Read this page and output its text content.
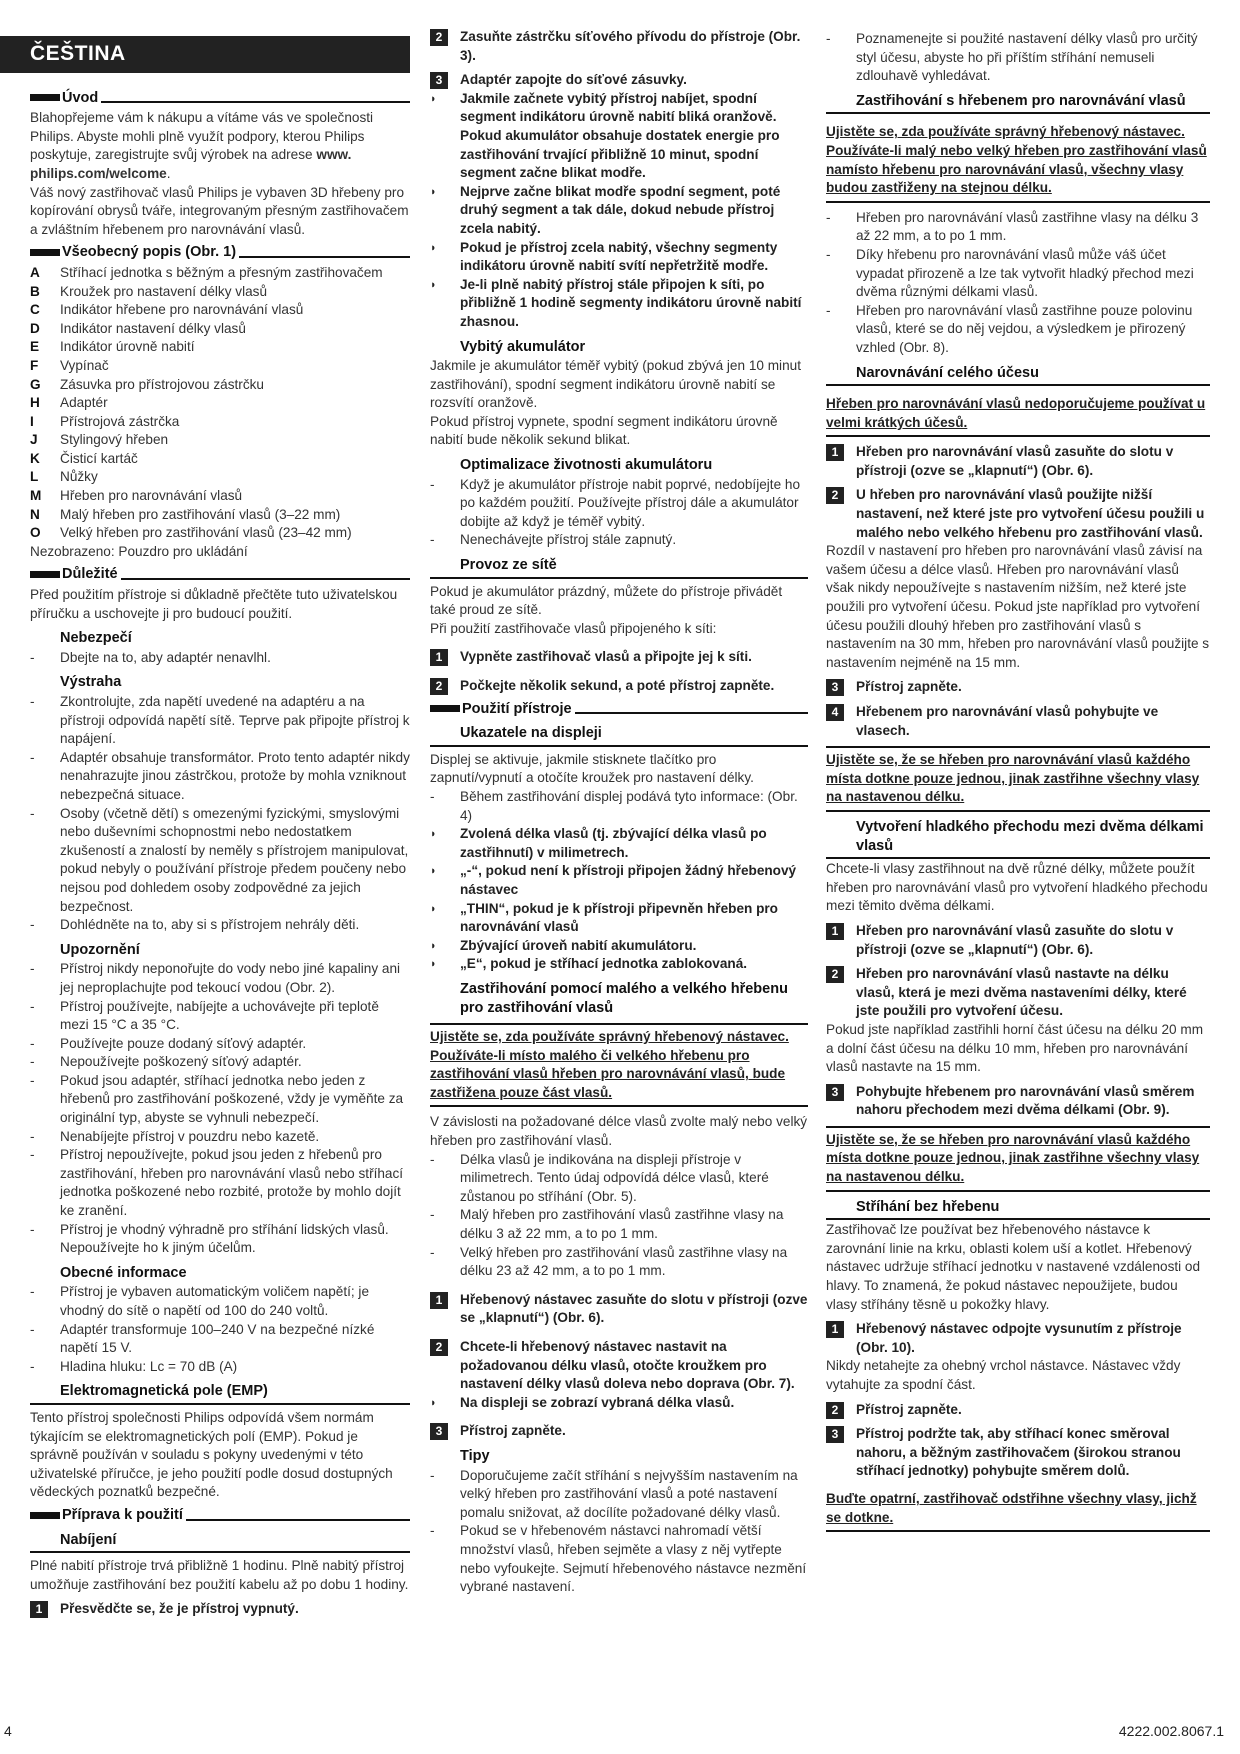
ČEŠTINA
Úvod

Blahopřejeme vám k nákupu a vítáme vás ve společnosti Philips. Abyste mohli plně využít podpory, kterou Philips poskytuje, zaregistrujte svůj výrobek na adrese www. philips.com/welcome.

Váš nový zastřihovač vlasů Philips je vybaven 3D hřebeny pro kopírování obrysů tváře, integrovaným přesným zastřihovačem a zvláštním hřebenem pro narovnávání vlasů.

Všeobecný popis (Obr. 1)
A	Stříhací jednotka s běžným a přesným zastřihovačem
B	Kroužek pro nastavení délky vlasů
C	Indikátor hřebene pro narovnávání vlasů
D	Indikátor nastavení délky vlasů
E	Indikátor úrovně nabití
F	Vypínač
G	Zásuvka pro přístrojovou zástrčku
H	Adaptér
I	Přístrojová zástrčka
J	Stylingový hřeben
K	Čisticí kartáč
L	Nůžky
M	Hřeben pro narovnávání vlasů
N	Malý hřeben pro zastřihování vlasů (3–22 mm)
O	Velký hřeben pro zastřihování vlasů (23–42 mm)

Nezobrazeno: Pouzdro pro ukládání

Důležité

Před použitím přístroje si důkladně přečtěte tuto uživatelskou příručku a uschovejte ji pro budoucí použití.

Nebezpečí
-	Dbejte na to, aby adaptér nenavlhl.
Výstraha
-	Zkontrolujte, zda napětí uvedené na adaptéru a na přístroji odpovídá napětí sítě. Teprve pak připojte přístroj k napájení.
-	Adaptér obsahuje transformátor. Proto tento adaptér nikdy nenahrazujte jinou zástrčkou, protože by mohla vzniknout nebezpečná situace.
-	Osoby (včetně dětí) s omezenými fyzickými, smyslovými nebo duševními schopnostmi nebo nedostatkem zkušeností a znalostí by neměly s přístrojem manipulovat, pokud nebyly o používání přístroje předem poučeny nebo nejsou pod dohledem osoby zodpovědné za jejich bezpečnost.
-	Dohlédněte na to, aby si s přístrojem nehrály děti.
Upozornění
-	Přístroj nikdy neponořujte do vody nebo jiné kapaliny ani jej neproplachujte pod tekoucí vodou (Obr. 2).
-	Přístroj používejte, nabíjejte a uchovávejte při teplotě mezi 15 °C a 35 °C.
-	Používejte pouze dodaný síťový adaptér.
-	Nepoužívejte poškozený síťový adaptér.
-	Pokud jsou adaptér, stříhací jednotka nebo jeden z hřebenů pro zastřihování poškozené, vždy je vyměňte za originální typ, abyste se vyhnuli nebezpečí.
-	Nenabíjejte přístroj v pouzdru nebo kazetě.
-	Přístroj nepoužívejte, pokud jsou jeden z hřebenů pro zastřihování, hřeben pro narovnávání vlasů nebo stříhací jednotka poškozené nebo rozbité, protože by mohlo dojít ke zranění.
-	Přístroj je vhodný výhradně pro stříhání lidských vlasů. Nepoužívejte ho k jiným účelům.
Obecné informace
-	Přístroj je vybaven automatickým voličem napětí; je vhodný do sítě o napětí od 100 do 240 voltů.
-	Adaptér transformuje 100–240 V na bezpečné nízké napětí 15 V.
-	Hladina hluku: Lc = 70 dB (A)
Elektromagnetická pole (EMP)

Tento přístroj společnosti Philips odpovídá všem normám týkajícím se elektromagnetických polí (EMP). Pokud je správně používán v souladu s pokyny uvedenými v této uživatelské příručce, je jeho použití podle dosud dostupných vědeckých poznatků bezpečné.

Příprava k použití
Nabíjení

Plné nabití přístroje trvá přibližně 1 hodinu. Plně nabitý přístroj umožňuje zastřihování bez použití kabelu až po dobu 1 hodiny.

1	Přesvědčte se, že je přístroj vypnutý.
2	Zasuňte zástrčku síťového přívodu do přístroje (Obr. 3).
3	Adaptér zapojte do síťové zásuvky.
◗	Jakmile začnete vybitý přístroj nabíjet, spodní segment indikátoru úrovně nabití bliká oranžově. Pokud akumulátor obsahuje dostatek energie pro zastřihování trvající přibližně 10 minut, spodní segment začne blikat modře.
◗	Nejprve začne blikat modře spodní segment, poté druhý segment a tak dále, dokud nebude přístroj zcela nabitý.
◗	Pokud je přístroj zcela nabitý, všechny segmenty indikátoru úrovně nabití svítí nepřetržitě modře.
◗	Je-li plně nabitý přístroj stále připojen k síti, po přibližně 1 hodině segmenty indikátoru úrovně nabití zhasnou.
Vybitý akumulátor

Jakmile je akumulátor téměř vybitý (pokud zbývá jen 10 minut zastřihování), spodní segment indikátoru úrovně nabití se rozsvítí oranžově.

Pokud přístroj vypnete, spodní segment indikátoru úrovně nabití bude několik sekund blikat.

Optimalizace životnosti akumulátoru
-	Když je akumulátor přístroje nabit poprvé, nedobíjejte ho po každém použití. Používejte přístroj dále a akumulátor dobijte až když je téměř vybitý.
-	Nenechávejte přístroj stále zapnutý.
Provoz ze sítě

Pokud je akumulátor prázdný, můžete do přístroje přivádět také proud ze sítě.

Při použití zastřihovače vlasů připojeného k síti:

1	Vypněte zastřihovač vlasů a připojte jej k síti.
2	Počkejte několik sekund, a poté přístroj zapněte.
Použití přístroje
Ukazatele na displeji

Displej se aktivuje, jakmile stisknete tlačítko pro zapnutí/vypnutí a otočíte kroužek pro nastavení délky.

-	Během zastřihování displej podává tyto informace: (Obr. 4)
◗	Zvolená délka vlasů (tj. zbývající délka vlasů po zastřihnutí) v milimetrech.
◗	„-“, pokud není k přístroji připojen žádný hřebenový nástavec
◗	„THIN“, pokud je k přístroji připevněn hřeben pro narovnávání vlasů
◗	Zbývající úroveň nabití akumulátoru.
◗	„E“, pokud je stříhací jednotka zablokovaná.
Zastřihování pomocí malého a velkého hřebenu pro zastřihování vlasů
Ujistěte se, zda používáte správný hřebenový nástavec. Používáte-li místo malého či velkého hřebenu pro zastřihování vlasů hřeben pro narovnávání vlasů, bude zastřižena pouze část vlasů.

V závislosti na požadované délce vlasů zvolte malý nebo velký hřeben pro zastřihování vlasů.

-	Délka vlasů je indikována na displeji přístroje v milimetrech. Tento údaj odpovídá délce vlasů, které zůstanou po stříhání (Obr. 5).
-	Malý hřeben pro zastřihování vlasů zastřihne vlasy na délku 3 až 22 mm, a to po 1 mm.
-	Velký hřeben pro zastřihování vlasů zastřihne vlasy na délku 23 až 42 mm, a to po 1 mm.
1	Hřebenový nástavec zasuňte do slotu v přístroji (ozve se „klapnutí“) (Obr. 6).
2	Chcete-li hřebenový nástavec nastavit na požadovanou délku vlasů, otočte kroužkem pro nastavení délky vlasů doleva nebo doprava (Obr. 7).
◗	Na displeji se zobrazí vybraná délka vlasů.
3	Přístroj zapněte.
Tipy
-	Doporučujeme začít stříhání s nejvyšším nastavením na velký hřeben pro zastřihování vlasů a poté nastavení pomalu snižovat, až docílíte požadované délky vlasů.
-	Pokud se v hřebenovém nástavci nahromadí větší množství vlasů, hřeben sejměte a vlasy z něj vytřepte nebo vyfoukejte. Sejmutí hřebenového nástavce nezmění vybrané nastavení.
-	Poznamenejte si použité nastavení délky vlasů pro určitý styl účesu, abyste ho při příštím stříhání nemuseli zdlouhavě vyhledávat.
Zastřihování s hřebenem pro narovnávání vlasů
Ujistěte se, zda používáte správný hřebenový nástavec. Používáte-li malý nebo velký hřeben pro zastřihování vlasů namísto hřebenu pro narovnávání vlasů, všechny vlasy budou zastřiženy na stejnou délku.
-	Hřeben pro narovnávání vlasů zastřihne vlasy na délku 3 až 22 mm, a to po 1 mm.
-	Díky hřebenu pro narovnávání vlasů může váš účet vypadat přirozeně a lze tak vytvořit hladký přechod mezi dvěma různými délkami vlasů.
-	Hřeben pro narovnávání vlasů zastřihne pouze polovinu vlasů, které se do něj vejdou, a výsledkem je přirozený vzhled (Obr. 8).
Narovnávání celého účesu
Hřeben pro narovnávání vlasů nedoporučujeme používat u velmi krátkých účesů.
1	Hřeben pro narovnávání vlasů zasuňte do slotu v přístroji (ozve se „klapnutí“) (Obr. 6).
2	U hřeben pro narovnávání vlasů použijte nižší nastavení, než které jste pro vytvoření účesu použili u malého nebo velkého hřebenu pro zastřihování vlasů.

Rozdíl v nastavení pro hřeben pro narovnávání vlasů závisí na vašem účesu a délce vlasů. Hřeben pro narovnávání vlasů však nikdy nepoužívejte s nastavením nižším, než které jste použili pro vytvoření účesu. Pokud jste například pro vytvoření účesu použili dlouhý hřeben pro zastřihování vlasů s nastavením na 30 mm, hřeben pro narovnávání vlasů použijte s nastavením nejméně na 15 mm.

3	Přístroj zapněte.
4	Hřebenem pro narovnávání vlasů pohybujte ve vlasech.
Ujistěte se, že se hřeben pro narovnávání vlasů každého místa dotkne pouze jednou, jinak zastřihne všechny vlasy na nastavenou délku.
Vytvoření hladkého přechodu mezi dvěma délkami vlasů

Chcete-li vlasy zastřihnout na dvě různé délky, můžete použít hřeben pro narovnávání vlasů pro vytvoření hladkého přechodu mezi těmito dvěma délkami.

1	Hřeben pro narovnávání vlasů zasuňte do slotu v přístroji (ozve se „klapnutí“) (Obr. 6).
2	Hřeben pro narovnávání vlasů nastavte na délku vlasů, která je mezi dvěma nastaveními délky, které jste použili pro vytvoření účesu.

Pokud jste například zastřihli horní část účesu na délku 20 mm a dolní část účesu na délku 10 mm, hřeben pro narovnávání vlasů nastavte na 15 mm.

3	Pohybujte hřebenem pro narovnávání vlasů směrem nahoru přechodem mezi dvěma délkami (Obr. 9).
Ujistěte se, že se hřeben pro narovnávání vlasů každého místa dotkne pouze jednou, jinak zastřihne všechny vlasy na nastavenou délku.
Stříhání bez hřebenu

Zastřihovač lze používat bez hřebenového nástavce k zarovnání linie na krku, oblasti kolem uší a kotlet. Hřebenový nástavec udržuje stříhací jednotku v nastavené vzdálenosti od hlavy. To znamená, že pokud nástavec nepoužijete, budou vlasy stříhány těsně u pokožky hlavy.

1	Hřebenový nástavec odpojte vysunutím z přístroje (Obr. 10).

Nikdy netahejte za ohebný vrchol nástavce. Nástavec vždy vytahujte za spodní část.

2	Přístroj zapněte.
3	Přístroj podržte tak, aby stříhací konec směroval nahoru, a běžným zastřihovačem (širokou stranou stříhací jednotky) pohybujte směrem dolů.
Buďte opatrní, zastřihovač odstřihne všechny vlasy, jichž se dotkne.
4	4222.002.8067.1
